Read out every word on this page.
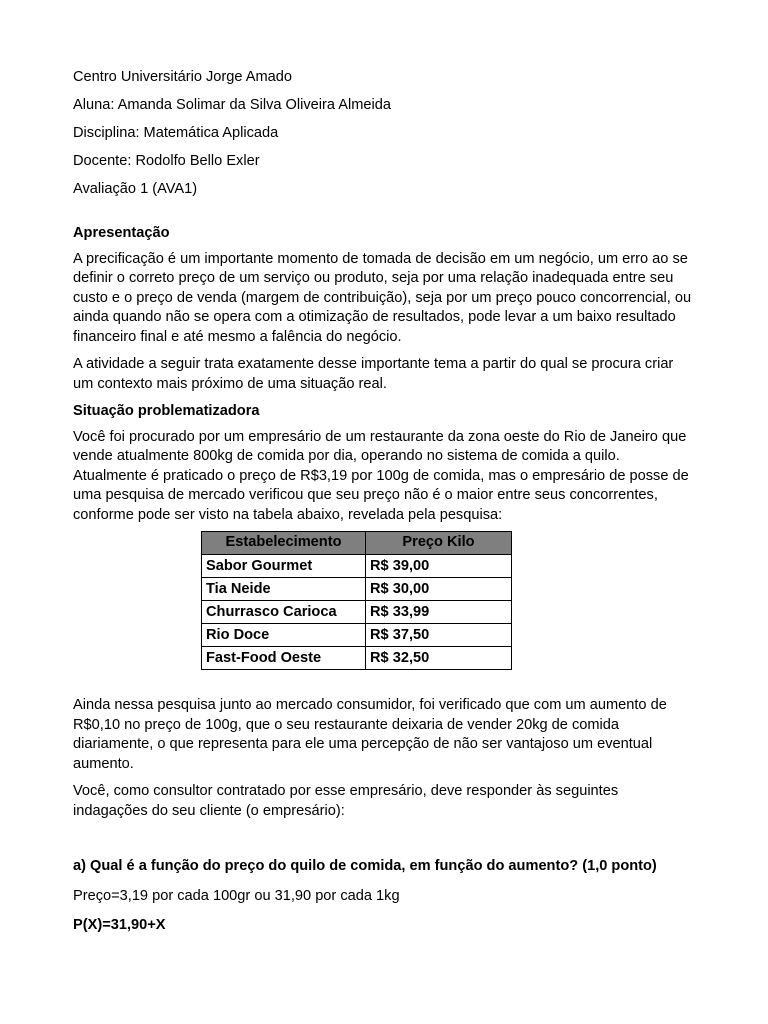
Centro Universitário Jorge Amado
Aluna: Amanda Solimar da Silva Oliveira Almeida
Disciplina: Matemática Aplicada
Docente: Rodolfo Bello Exler
Avaliação 1 (AVA1)
Apresentação

A precificação é um importante momento de tomada de decisão em um negócio, um erro ao se definir o correto preço de um serviço ou produto, seja por uma relação inadequada entre seu custo e o preço de venda (margem de contribuição), seja por um preço pouco concorrencial, ou ainda quando não se opera com a otimização de resultados, pode levar a um baixo resultado financeiro final e até mesmo a falência do negócio.

A atividade a seguir trata exatamente desse importante tema a partir do qual se procura criar um contexto mais próximo de uma situação real.

Situação problematizadora

Você foi procurado por um empresário de um restaurante da zona oeste do Rio de Janeiro que vende atualmente 800kg de comida por dia, operando no sistema de comida a quilo. Atualmente é praticado o preço de R$3,19 por 100g de comida, mas o empresário de posse de uma pesquisa de mercado verificou que seu preço não é o maior entre seus concorrentes, conforme pode ser visto na tabela abaixo, revelada pela pesquisa:

Estabelecimento	Preço Kilo
Sabor Gourmet	R$ 39,00
Tia Neide	R$ 30,00
Churrasco Carioca	R$ 33,99
Rio Doce	R$ 37,50
Fast-Food Oeste	R$ 32,50

Ainda nessa pesquisa junto ao mercado consumidor, foi verificado que com um aumento de R$0,10 no preço de 100g, que o seu restaurante deixaria de vender 20kg de comida diariamente, o que representa para ele uma percepção de não ser vantajoso um eventual aumento.

Você, como consultor contratado por esse empresário, deve responder às seguintes indagações do seu cliente (o empresário):

a) Qual é a função do preço do quilo de comida, em função do aumento? (1,0 ponto)

Preço=3,19 por cada 100gr ou 31,90 por cada 1kg

P(X)=31,90+X
